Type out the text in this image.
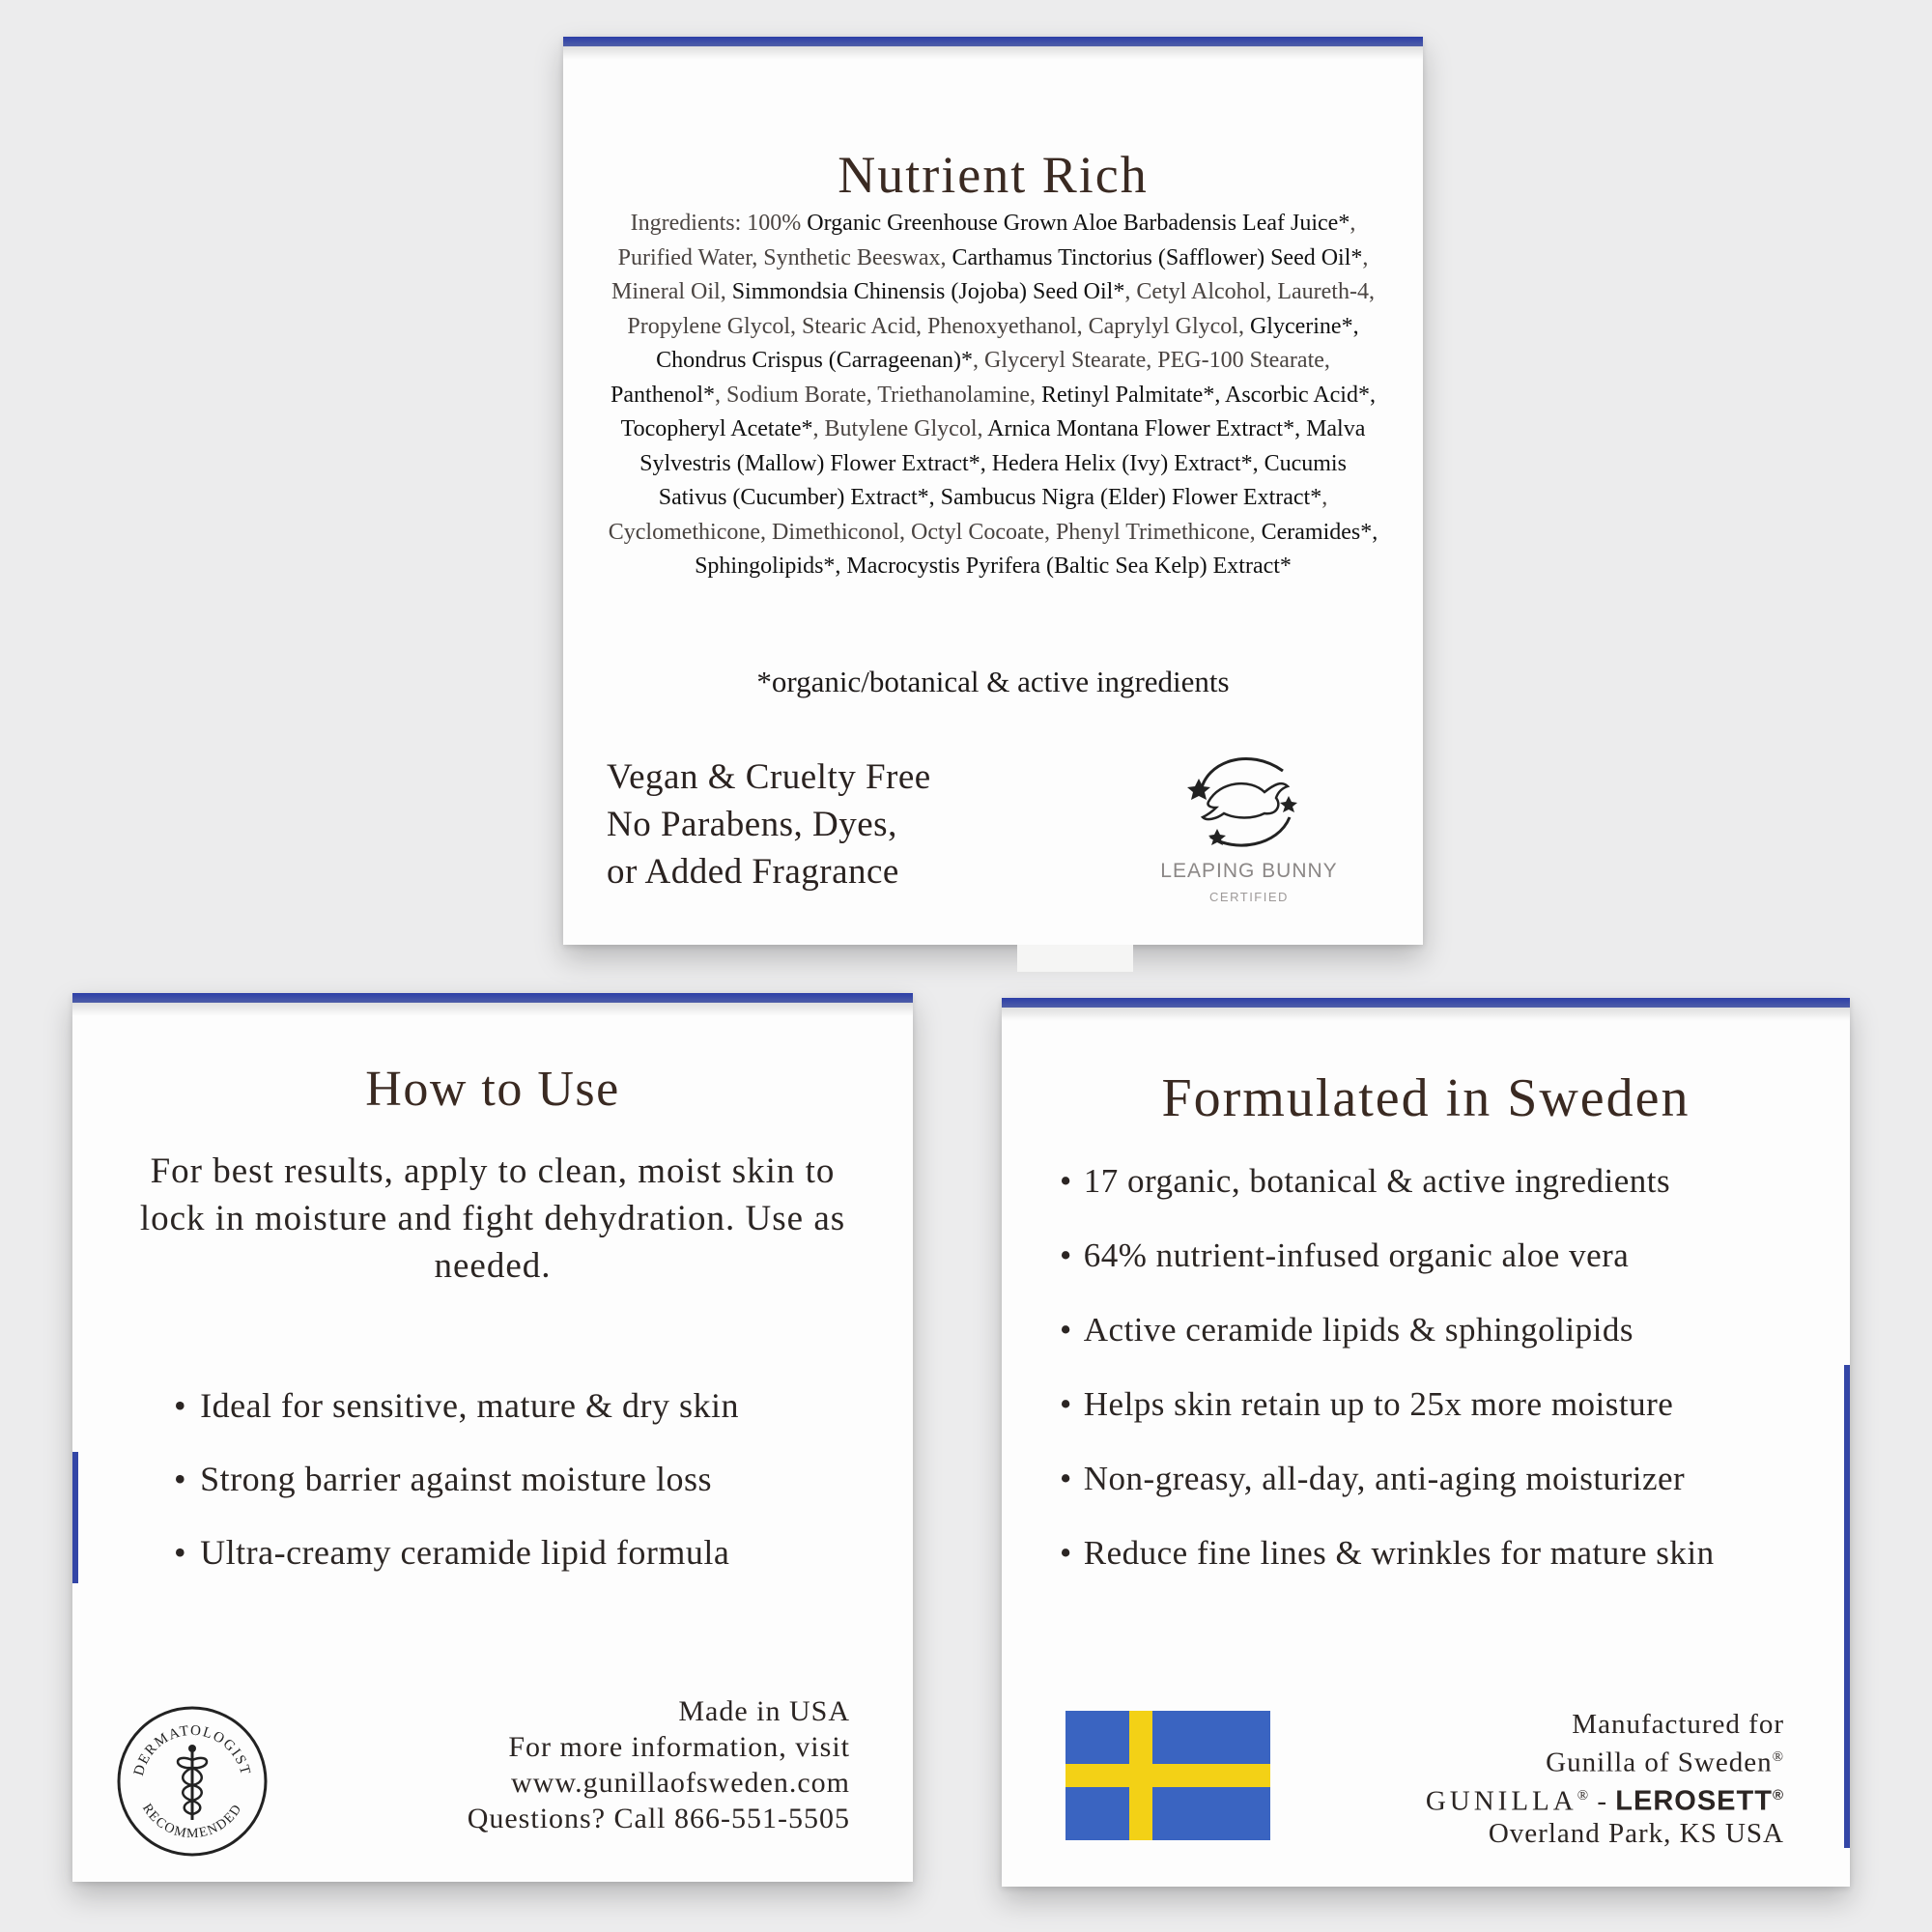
Nutrient Rich
Ingredients: 100% Organic Greenhouse Grown Aloe Barbadensis Leaf Juice*, Purified Water, Synthetic Beeswax, Carthamus Tinctorius (Safflower) Seed Oil*, Mineral Oil, Simmondsia Chinensis (Jojoba) Seed Oil*, Cetyl Alcohol, Laureth-4, Propylene Glycol, Stearic Acid, Phenoxyethanol, Caprylyl Glycol, Glycerine*, Chondrus Crispus (Carrageenan)*, Glyceryl Stearate, PEG-100 Stearate, Panthenol*, Sodium Borate, Triethanolamine, Retinyl Palmitate*, Ascorbic Acid*, Tocopheryl Acetate*, Butylene Glycol, Arnica Montana Flower Extract*, Malva Sylvestris (Mallow) Flower Extract*, Hedera Helix (Ivy) Extract*, Cucumis Sativus (Cucumber) Extract*, Sambucus Nigra (Elder) Flower Extract*, Cyclomethicone, Dimethiconol, Octyl Cocoate, Phenyl Trimethicone, Ceramides*, Sphingolipids*, Macrocystis Pyrifera (Baltic Sea Kelp) Extract*
*organic/botanical & active ingredients
Vegan & Cruelty Free
No Parabens, Dyes,
or Added Fragrance	LEAPING BUNNY
CERTIFIED
How to Use
For best results, apply to clean, moist skin to lock in moisture and fight dehydration. Use as needed.
• Ideal for sensitive, mature & dry skin
• Strong barrier against moisture loss
• Ultra-creamy ceramide lipid formula
DERMATOLOGIST
RECOMMENDED
Made in USA
For more information, visit
www.gunillaofsweden.com
Questions? Call 866-551-5505
Formulated in Sweden
• 17 organic, botanical & active ingredients
• 64% nutrient-infused organic aloe vera
• Active ceramide lipids & sphingolipids
• Helps skin retain up to 25x more moisture
• Non-greasy, all-day, anti-aging moisturizer
• Reduce fine lines & wrinkles for mature skin
Manufactured for
Gunilla of Sweden®
GUNILLA® - LEROSETT®
Overland Park, KS USA
